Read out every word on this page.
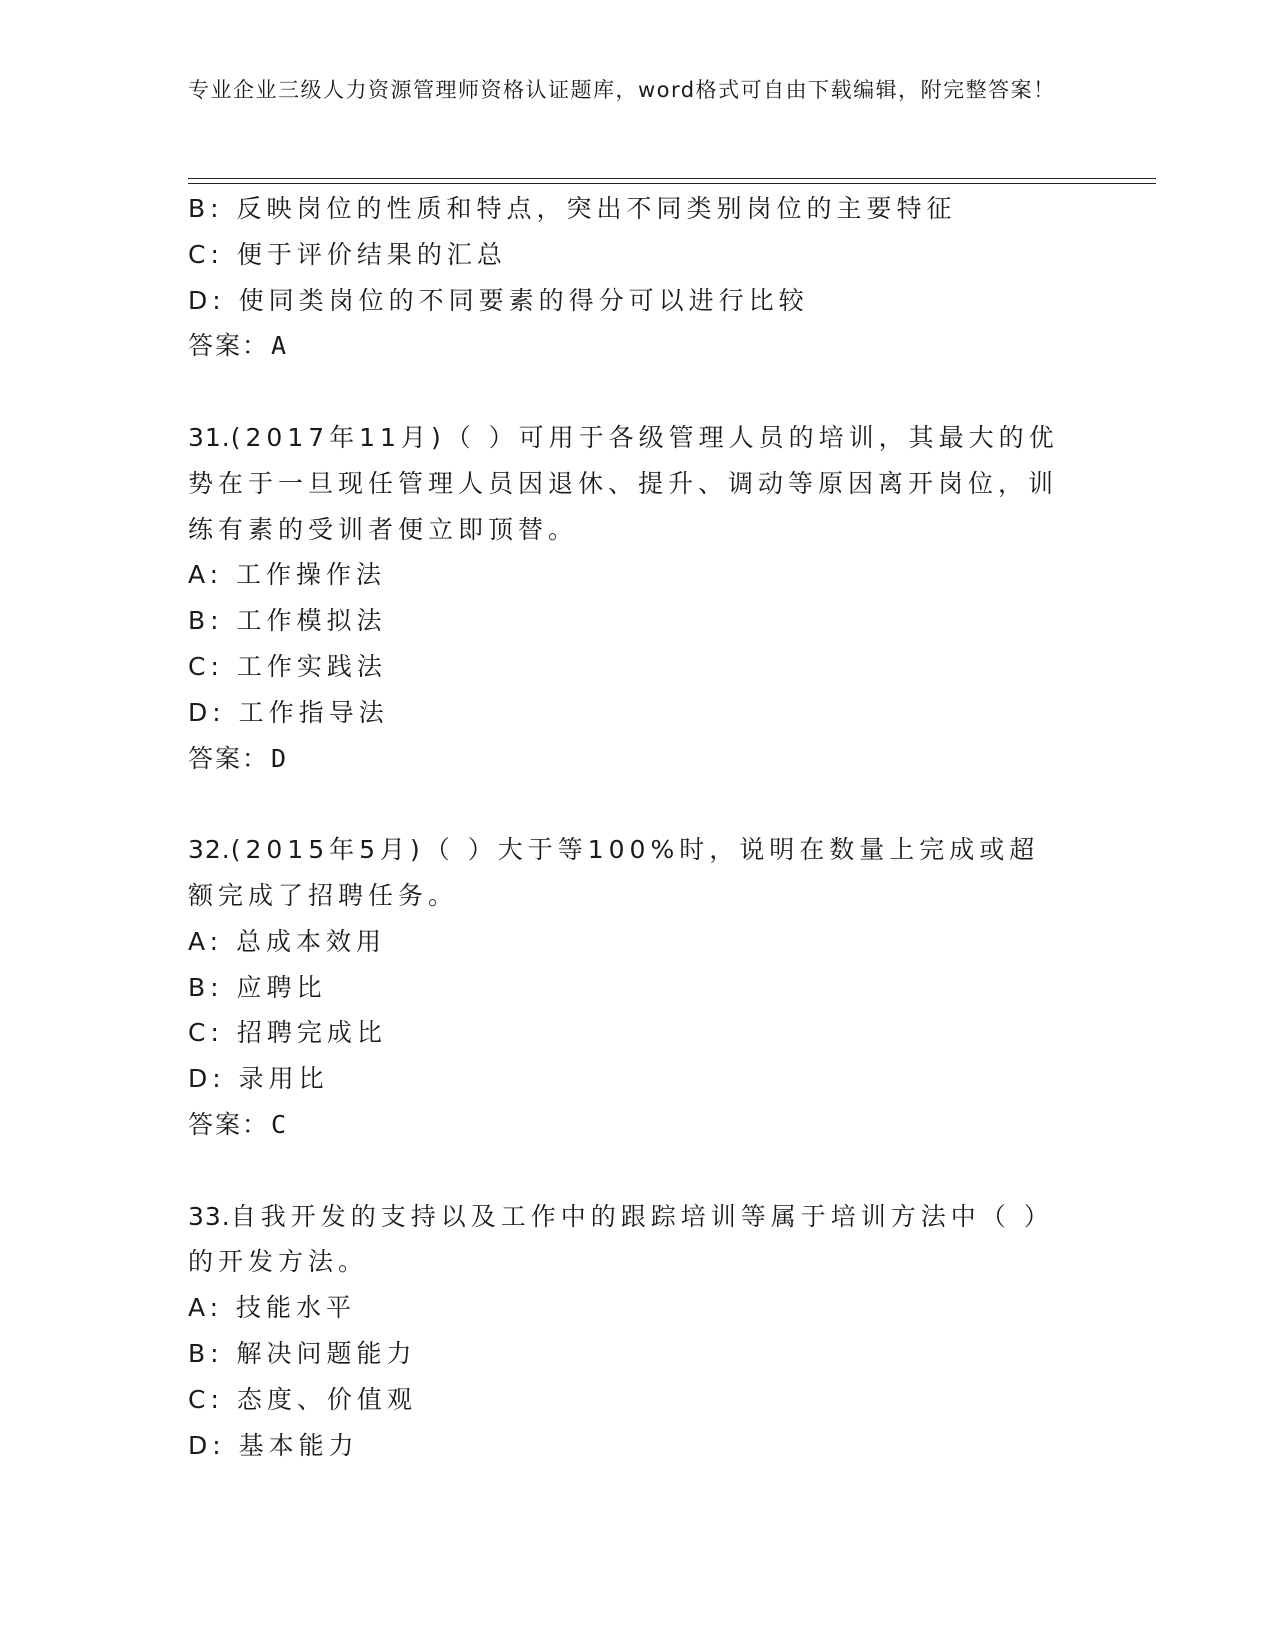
专业企业三级人力资源管理师资格认证题库，word格式可自由下载编辑，附完整答案！
B: 反映岗位的性质和特点，突出不同类别岗位的主要特征
C: 便于评价结果的汇总
D: 使同类岗位的不同要素的得分可以进行比较
答案：A
31.(2017年11月)（ ）可用于各级管理人员的培训，其最大的优势在于一旦现任管理人员因退休、提升、调动等原因离开岗位，训练有素的受训者便立即顶替。
A: 工作操作法
B: 工作模拟法
C: 工作实践法
D: 工作指导法
答案：D
32.(2015年5月)（ ）大于等100%时，说明在数量上完成或超额完成了招聘任务。
A: 总成本效用
B: 应聘比
C: 招聘完成比
D: 录用比
答案：C
33.自我开发的支持以及工作中的跟踪培训等属于培训方法中（ ）的开发方法。
A: 技能水平
B: 解决问题能力
C: 态度、价值观
D: 基本能力
